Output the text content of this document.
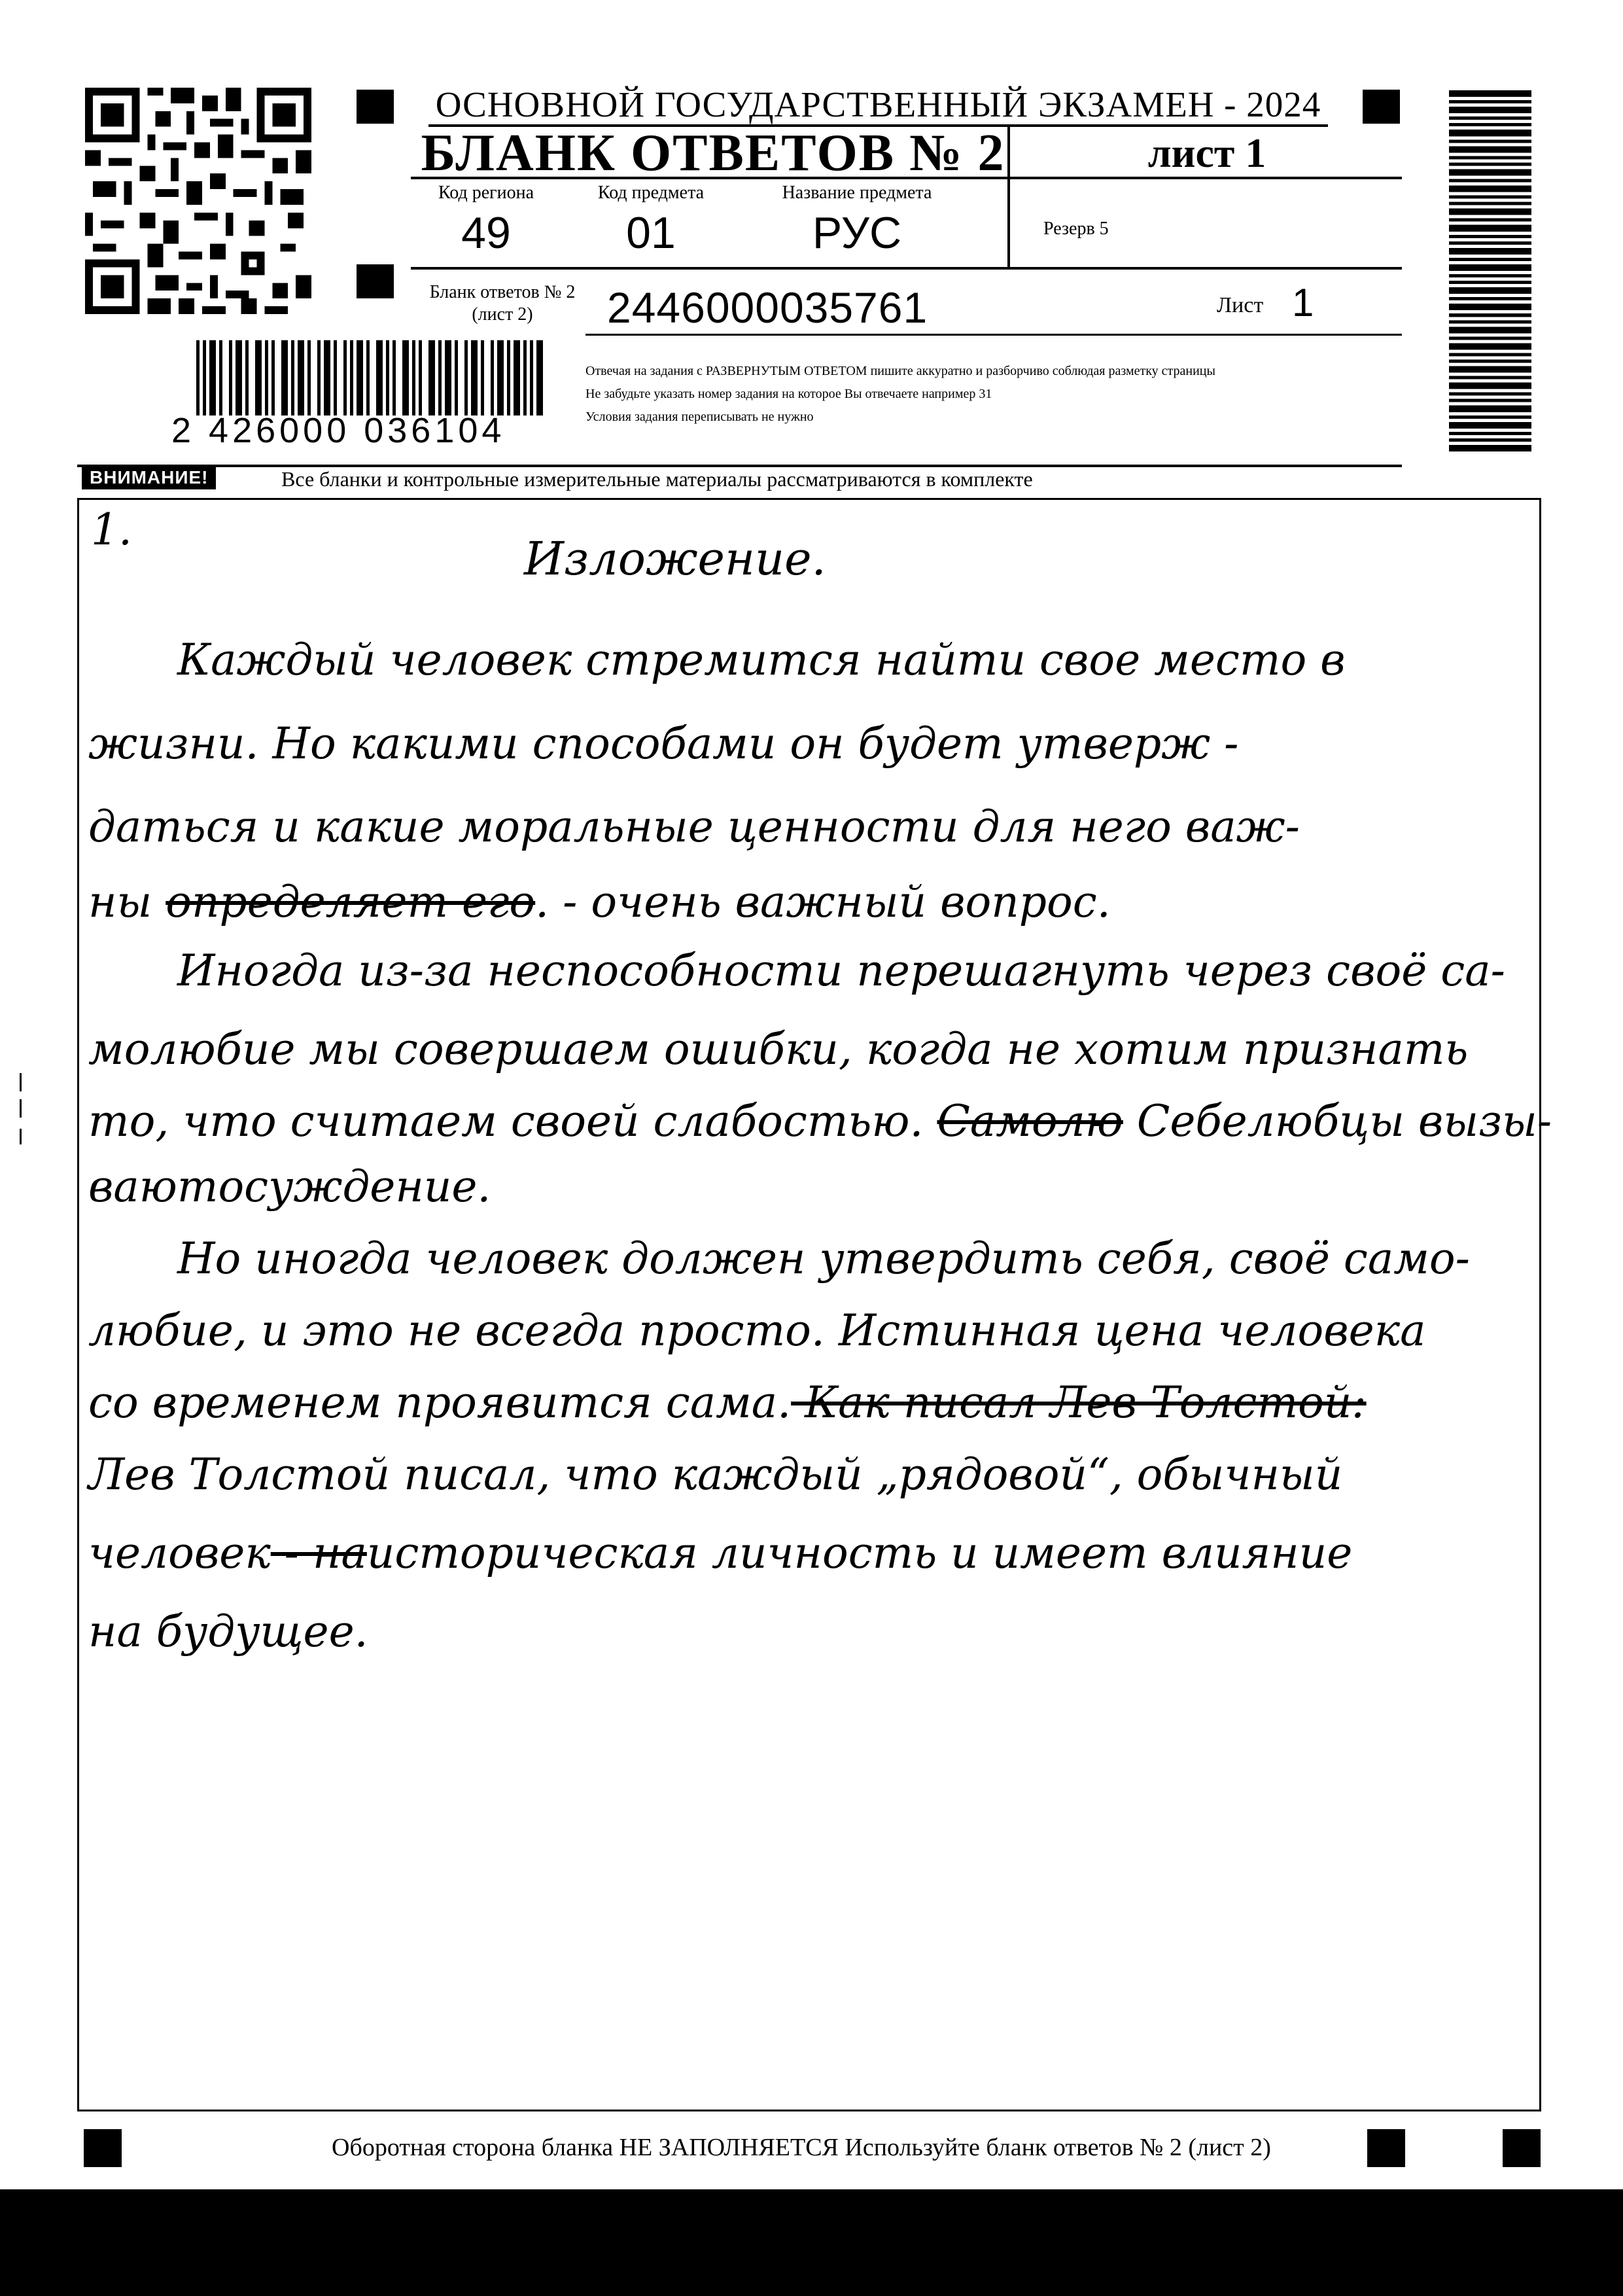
ОСНОВНОЙ ГОСУДАРСТВЕННЫЙ ЭКЗАМЕН - 2024
БЛАНК ОТВЕТОВ № 2	лист 1
Код региона
49
Код предмета
01
Название предмета
РУС	Резерв 5
Бланк ответов № 2
(лист 2)	2446000035761	Лист 1
2 426000 036104
Отвечая на задания с РАЗВЕРНУТЫМ ОТВЕТОМ пишите аккуратно и разборчиво соблюдая разметку страницы
Не забудьте указать номер задания на которое Вы отвечаете например 31
Условия задания переписывать не нужно
ВНИМАНИЕ!	Все бланки и контрольные измерительные материалы рассматриваются в комплекте
1.
Изложение.
Каждый человек стремится найти свое место в
жизни. Но какими способами он будет утверж -
даться и какие моральные ценности для него важ-
ны определяет его. - очень важный вопрос.
Иногда из-за неспособности перешагнуть через своё са-
молюбие мы совершаем ошибки, когда не хотим признать
то, что считаем своей слабостью. Самолю Себелюбцы вызы-
ваютосуждение.
Но иногда человек должен утвердить себя, своё само-
любие, и это не всегда просто. Истинная цена человека
со временем проявится сама. Как писал Лев Толстой:
Лев Толстой писал, что каждый „рядовой“, обычный
человек - наисторическая личность и имеет влияние
на будущее.
Оборотная сторона бланка НЕ ЗАПОЛНЯЕТСЯ Используйте бланк ответов № 2 (лист 2)
